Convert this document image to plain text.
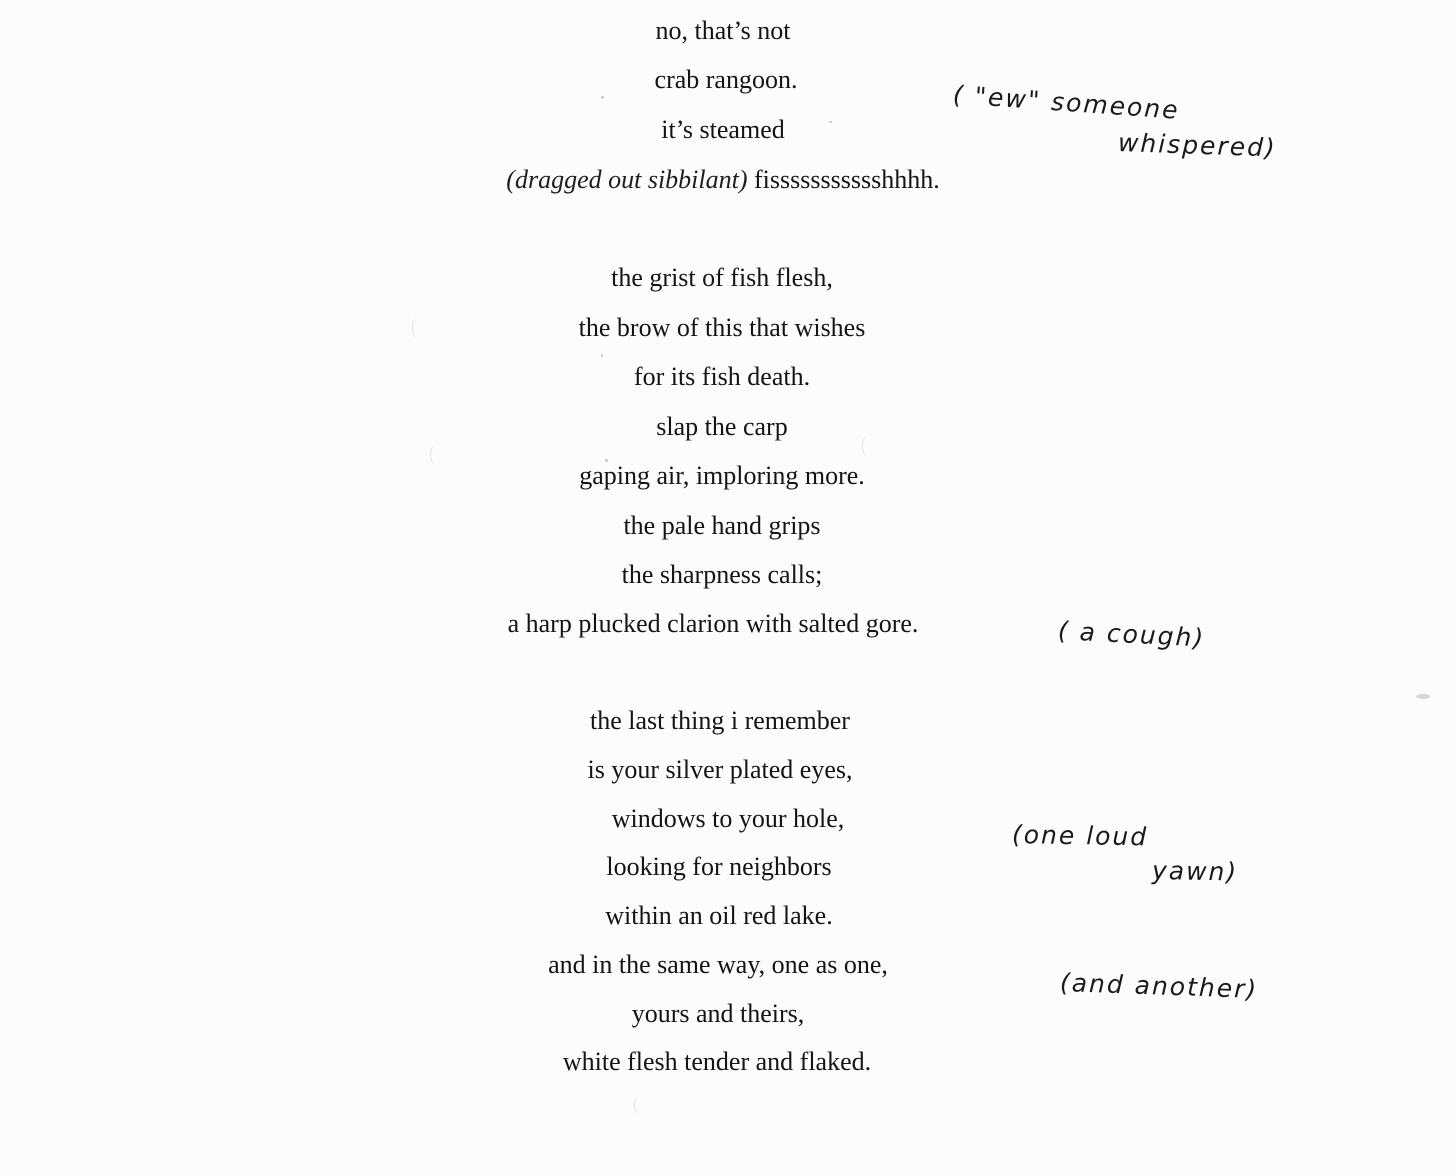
no, that’s not
crab rangoon.
it’s steamed
(dragged out sibbilant) fissssssssssshhhh.
the grist of fish flesh,
the brow of this that wishes
for its fish death.
slap the carp
gaping air, imploring more.
the pale hand grips
the sharpness calls;
a harp plucked clarion with salted gore.
the last thing i remember
is your silver plated eyes,
windows to your hole,
looking for neighbors
within an oil red lake.
and in the same way, one as one,
yours and theirs,
white flesh tender and flaked.
( "ew" someone
whispered)
( a cough)
(one loud
yawn)
(and another)
